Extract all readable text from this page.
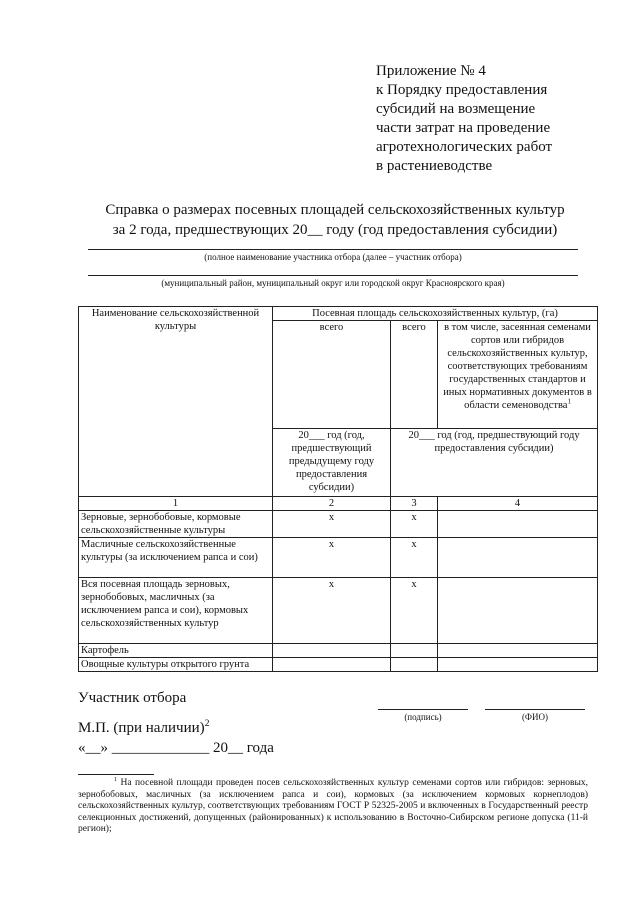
Приложение № 4
к Порядку предоставления
субсидий на возмещение
части затрат на проведение
агротехнологических работ
в растениеводстве
Справка о размерах посевных площадей сельскохозяйственных культур
за 2 года, предшествующих 20__ году (год предоставления субсидии)
(полное наименование участника отбора (далее – участник отбора)
(муниципальный район, муниципальный округ или городской округ Красноярского края)
Наименование сельскохозяйственной культуры	Посевная площадь сельскохозяйственных культур, (га)		
	всего	всего	в том числе, засеянная семенами сортов или гибридов сельскохозяйственных культур, соответствующих требованиям государственных стандартов и иных нормативных документов в области семеноводства$^1$
	20___ год (год, предшествующий предыдущему году предоставления субсидии)	20___ год (год, предшествующий году предоставления субсидии)	
1	2	3	4
Зерновые, зернобобовые, кормовые сельскохозяйственные культуры	x	x	
Масличные сельскохозяйственные культуры (за исключением рапса и сои)	x	x	
Вся посевная площадь зерновых, зернобобовых, масличных (за исключением рапса и сои), кормовых сельскохозяйственных культур	x	x	
Картофель			
Овощные культуры открытого грунта			
Участник отбора
(подпись)	(ФИО)
М.П. (при наличии)$^2$
«__» _____________ 20__ года
$^1$ На посевной площади проведен посев сельскохозяйственных культур семенами сортов или гибридов: зерновых, зернобобовых, масличных (за исключением рапса и сои), кормовых (за исключением кормовых корнеплодов) сельскохозяйственных культур, соответствующих требованиям ГОСТ Р 52325-2005 и включенных в Государственный реестр селекционных достижений, допущенных (районированных) к использованию в Восточно-Сибирском регионе допуска (11-й регион);
